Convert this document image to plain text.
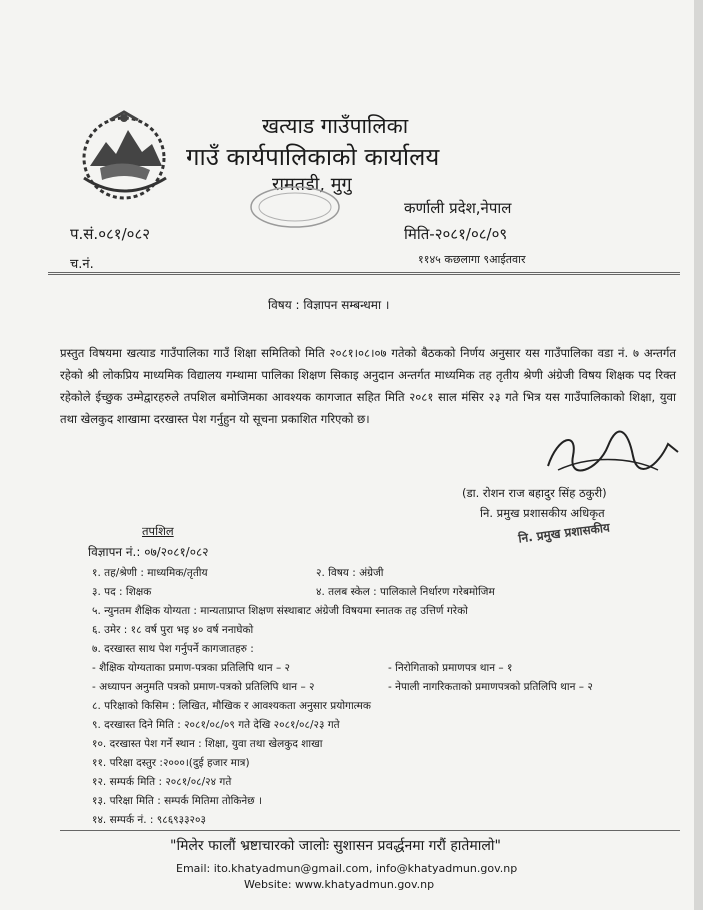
खत्याड गाउँपालिका
गाउँ कार्यपालिकाको कार्यालय
रामतडी, मुगु
कर्णाली प्रदेश,नेपाल
प.सं.०८१/०८२	मिति-२०८१/०८/०९
च.नं.	११४५ कछलागा ९आईतवार
विषय : विज्ञापन सम्बन्धमा ।
प्रस्तुत विषयमा खत्याड गाउँपालिका गाउँ शिक्षा समितिको मिति २०८१।०८।०७ गतेको बैठकको निर्णय अनुसार यस गाउँपालिका वडा नं. ७ अन्तर्गत रहेको श्री लोकप्रिय माध्यमिक विद्यालय गम्थामा पालिका शिक्षण सिकाइ अनुदान अन्तर्गत माध्यमिक तह तृतीय श्रेणी अंग्रेजी विषय शिक्षक पद रिक्त रहेकोले ईच्छुक उम्मेद्वारहरुले तपशिल बमोजिमका आवश्यक कागजात सहित मिति २०८१ साल मंसिर २३ गते भित्र यस गाउँपालिकाको शिक्षा, युवा तथा खेलकुद शाखामा दरखास्त पेश गर्नुहुन यो सूचना प्रकाशित गरिएको छ।
(डा. रोशन राज बहादुर सिंह ठकुरी)
नि. प्रमुख प्रशासकीय अधिकृत
नि. प्रमुख प्रशासकीय
तपशिल
विज्ञापन नं.: ०७/२०८१/०८२
१. तह/श्रेणी : माध्यमिक/तृतीय	२. विषय : अंग्रेजी
३. पद : शिक्षक	४. तलब स्केल : पालिकाले निर्धारण गरेबमोजिम
५. न्युनतम शैक्षिक योग्यता : मान्यताप्राप्त शिक्षण संस्थाबाट अंग्रेजी विषयमा स्नातक तह उत्तिर्ण गरेको
६. उमेर : १८ वर्ष पुरा भइ ४० वर्ष ननाघेको
७. दरखास्त साथ पेश गर्नुपर्ने कागजातहरु :
- शैक्षिक योग्यताका प्रमाण-पत्रका प्रतिलिपि थान – २	- निरोगिताको प्रमाणपत्र थान – १
- अध्यापन अनुमति पत्रको प्रमाण-पत्रको प्रतिलिपि थान – २	- नेपाली नागरिकताको प्रमाणपत्रको प्रतिलिपि थान – २
८. परिक्षाको किसिम : लिखित, मौखिक र आवश्यकता अनुसार प्रयोगात्मक
९. दरखास्त दिने मिति : २०८१/०८/०९ गते देखि २०८१/०८/२३ गते
१०. दरखास्त पेश गर्ने स्थान : शिक्षा, युवा तथा खेलकुद शाखा
११. परिक्षा दस्तुर :२०००।(दुई हजार मात्र)
१२. सम्पर्क मिति : २०८१/०८/२४ गते
१३. परिक्षा मिति : सम्पर्क मितिमा तोकिनेछ ।
१४. सम्पर्क नं. : ९८६९३३२०३
"मिलेर फालौं भ्रष्टाचारको जालोः सुशासन प्रवर्द्धनमा गरौं हातेमालो"
Email: ito.khatyadmun@gmail.com, info@khatyadmun.gov.np
Website: www.khatyadmun.gov.np
